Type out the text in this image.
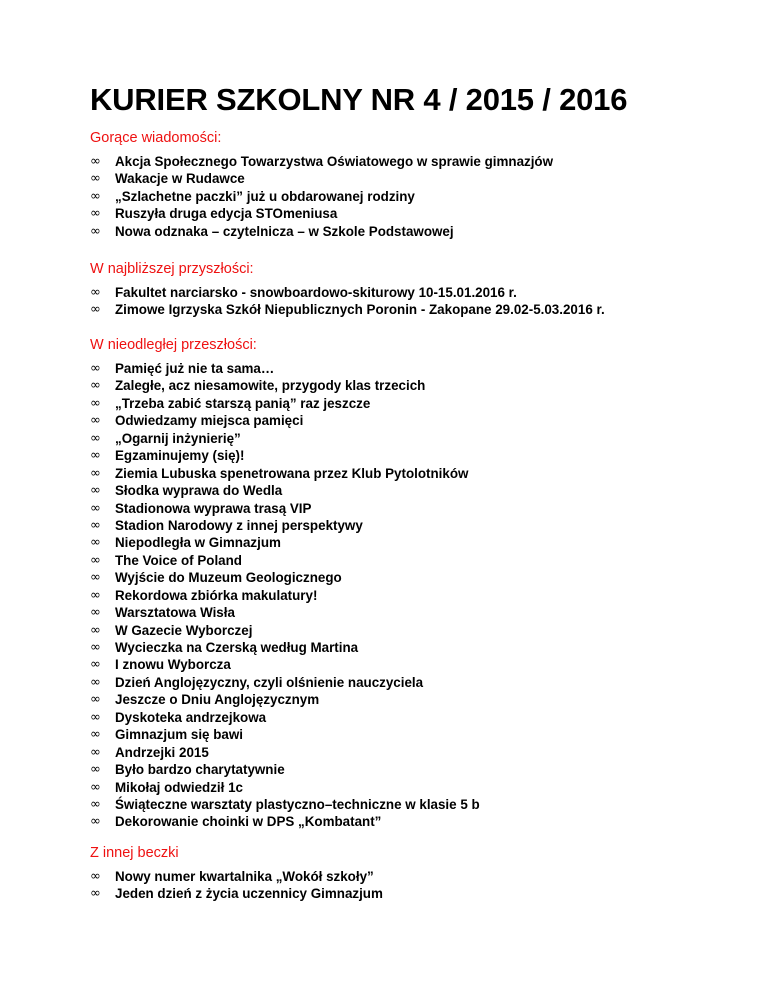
KURIER SZKOLNY NR 4 / 2015 / 2016
Gorące wiadomości:
∞ Akcja Społecznego Towarzystwa Oświatowego w sprawie gimnazjów
∞ Wakacje w Rudawce
∞ „Szlachetne paczki” już u obdarowanej rodziny
∞ Ruszyła druga edycja STOmeniusa
∞ Nowa odznaka – czytelnicza – w Szkole Podstawowej
W najbliższej przyszłości:
∞ Fakultet narciarsko - snowboardowo-skiturowy 10-15.01.2016 r.
∞ Zimowe Igrzyska Szkół Niepublicznych Poronin - Zakopane 29.02-5.03.2016 r.
W nieodległej przeszłości:
∞ Pamięć już nie ta sama…
∞ Zaległe, acz niesamowite, przygody klas trzecich
∞ „Trzeba zabić starszą panią” raz jeszcze
∞ Odwiedzamy miejsca pamięci
∞ „Ogarnij inżynierię”
∞ Egzaminujemy (się)!
∞ Ziemia Lubuska spenetrowana przez Klub Pytolotników
∞ Słodka wyprawa do Wedla
∞ Stadionowa wyprawa trasą VIP
∞ Stadion Narodowy z innej perspektywy
∞ Niepodległa w Gimnazjum
∞ The Voice of Poland
∞ Wyjście do Muzeum Geologicznego
∞ Rekordowa zbiórka makulatury!
∞ Warsztatowa Wisła
∞ W Gazecie Wyborczej
∞ Wycieczka na Czerską według Martina
∞ I znowu Wyborcza
∞ Dzień Anglojęzyczny, czyli olśnienie nauczyciela
∞ Jeszcze o Dniu Anglojęzycznym
∞ Dyskoteka andrzejkowa
∞ Gimnazjum się bawi
∞ Andrzejki 2015
∞ Było bardzo charytatywnie
∞ Mikołaj odwiedził 1c
∞ Świąteczne warsztaty plastyczno–techniczne w klasie 5 b
∞ Dekorowanie choinki w DPS „Kombatant”
Z innej beczki
∞ Nowy numer kwartalnika „Wokół szkoły”
∞ Jeden dzień z życia uczennicy Gimnazjum
